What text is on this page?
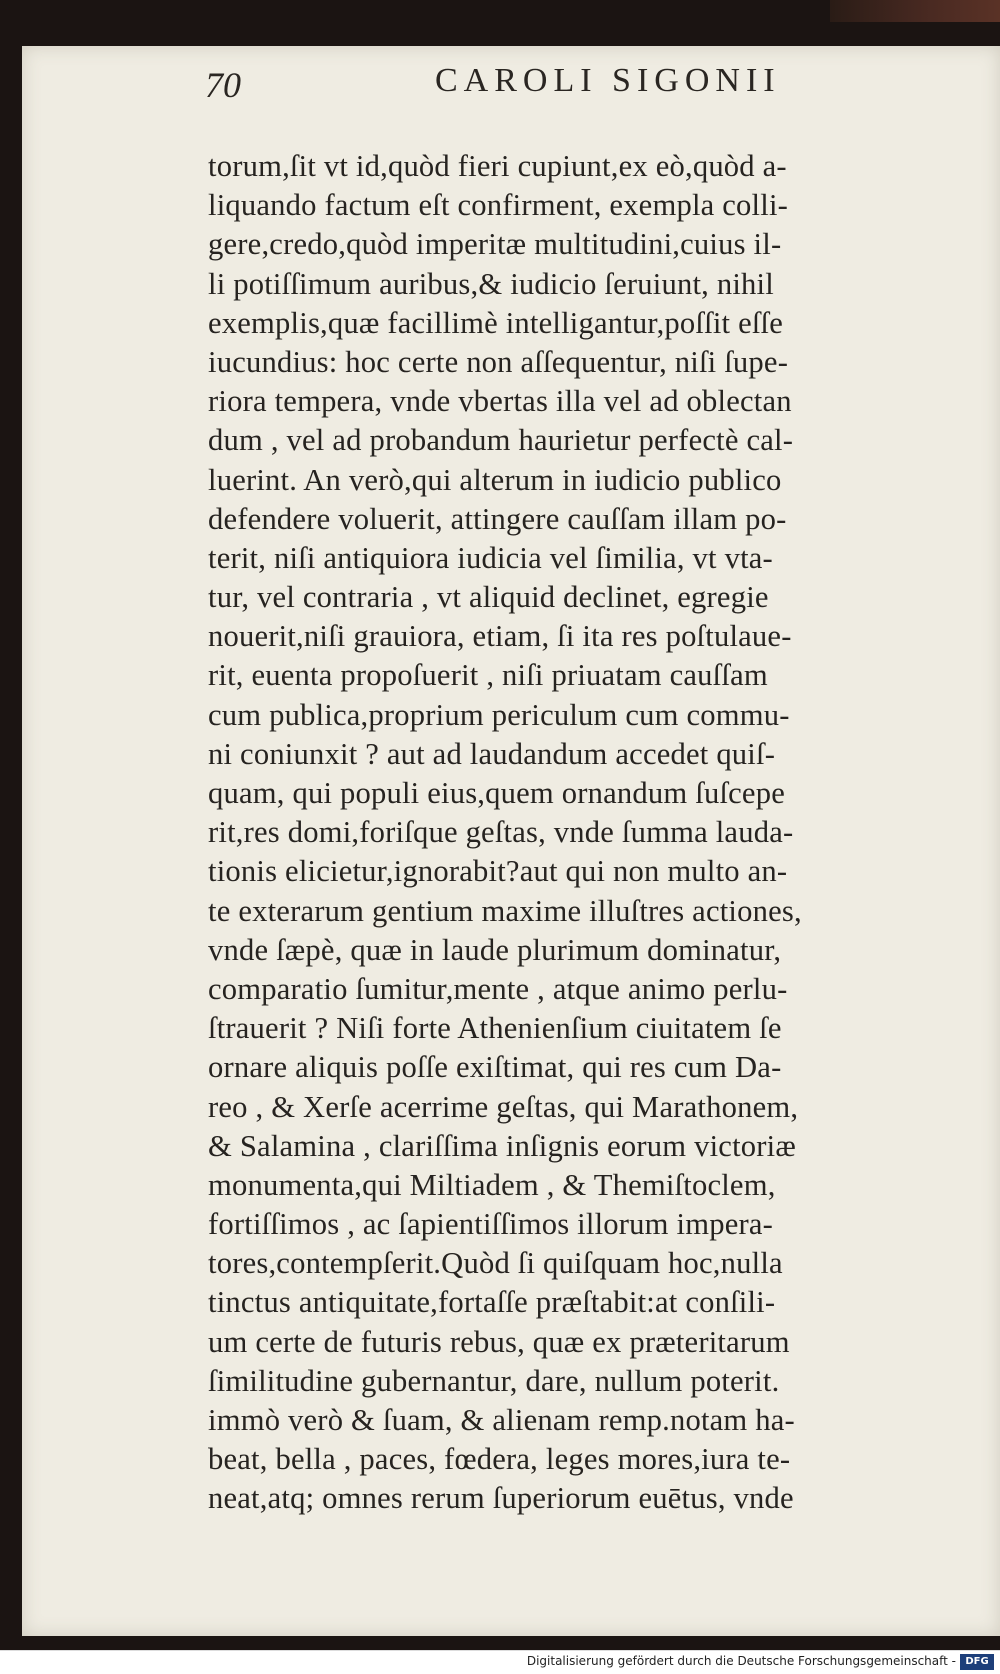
70	CAROLI SIGONII
torum,ſit vt id,quòd fieri cupiunt,ex eò,quòd a-
liquando factum eſt confirment, exempla colli-
gere,credo,quòd imperitæ multitudini,cuius il-
li potiſſimum auribus,& iudicio ſeruiunt, nihil
exemplis,quæ facillimè intelligantur,poſſit eſſe
iucundius: hoc certe non aſſequentur, niſi ſupe-
riora tempera, vnde vbertas illa vel ad oblectan
dum , vel ad probandum haurietur perfectè cal-
luerint. An verò,qui alterum in iudicio publico
defendere voluerit, attingere cauſſam illam po-
terit, niſi antiquiora iudicia vel ſimilia, vt vta-
tur, vel contraria , vt aliquid declinet, egregie
nouerit,niſi grauiora, etiam, ſi ita res poſtulaue-
rit, euenta propoſuerit , niſi priuatam cauſſam
cum publica,proprium periculum cum commu-
ni coniunxit ? aut ad laudandum accedet quiſ-
quam, qui populi eius,quem ornandum ſuſcepe
rit,res domi,foriſque geſtas, vnde ſumma lauda-
tionis elicietur,ignorabit?aut qui non multo an-
te exterarum gentium maxime illuſtres actiones,
vnde ſæpè, quæ in laude plurimum dominatur,
comparatio ſumitur,mente , atque animo perlu-
ſtrauerit ? Niſi forte Athenienſium ciuitatem ſe
ornare aliquis poſſe exiſtimat, qui res cum Da-
reo , & Xerſe acerrime geſtas, qui Marathonem,
& Salamina , clariſſima inſignis eorum victoriæ
monumenta,qui Miltiadem , & Themiſtoclem,
fortiſſimos , ac ſapientiſſimos illorum impera-
tores,contempſerit.Quòd ſi quiſquam hoc,nulla
tinctus antiquitate,fortaſſe præſtabit:at conſili-
um certe de futuris rebus, quæ ex præteritarum
ſimilitudine gubernantur, dare, nullum poterit.
immò verò & ſuam, & alienam remp.notam ha-
beat, bella , paces, fœdera, leges mores,iura te-
neat,atq; omnes rerum ſuperiorum euētus, vnde
Digitalisierung gefördert durch die Deutsche Forschungsgemeinschaft - DFG
